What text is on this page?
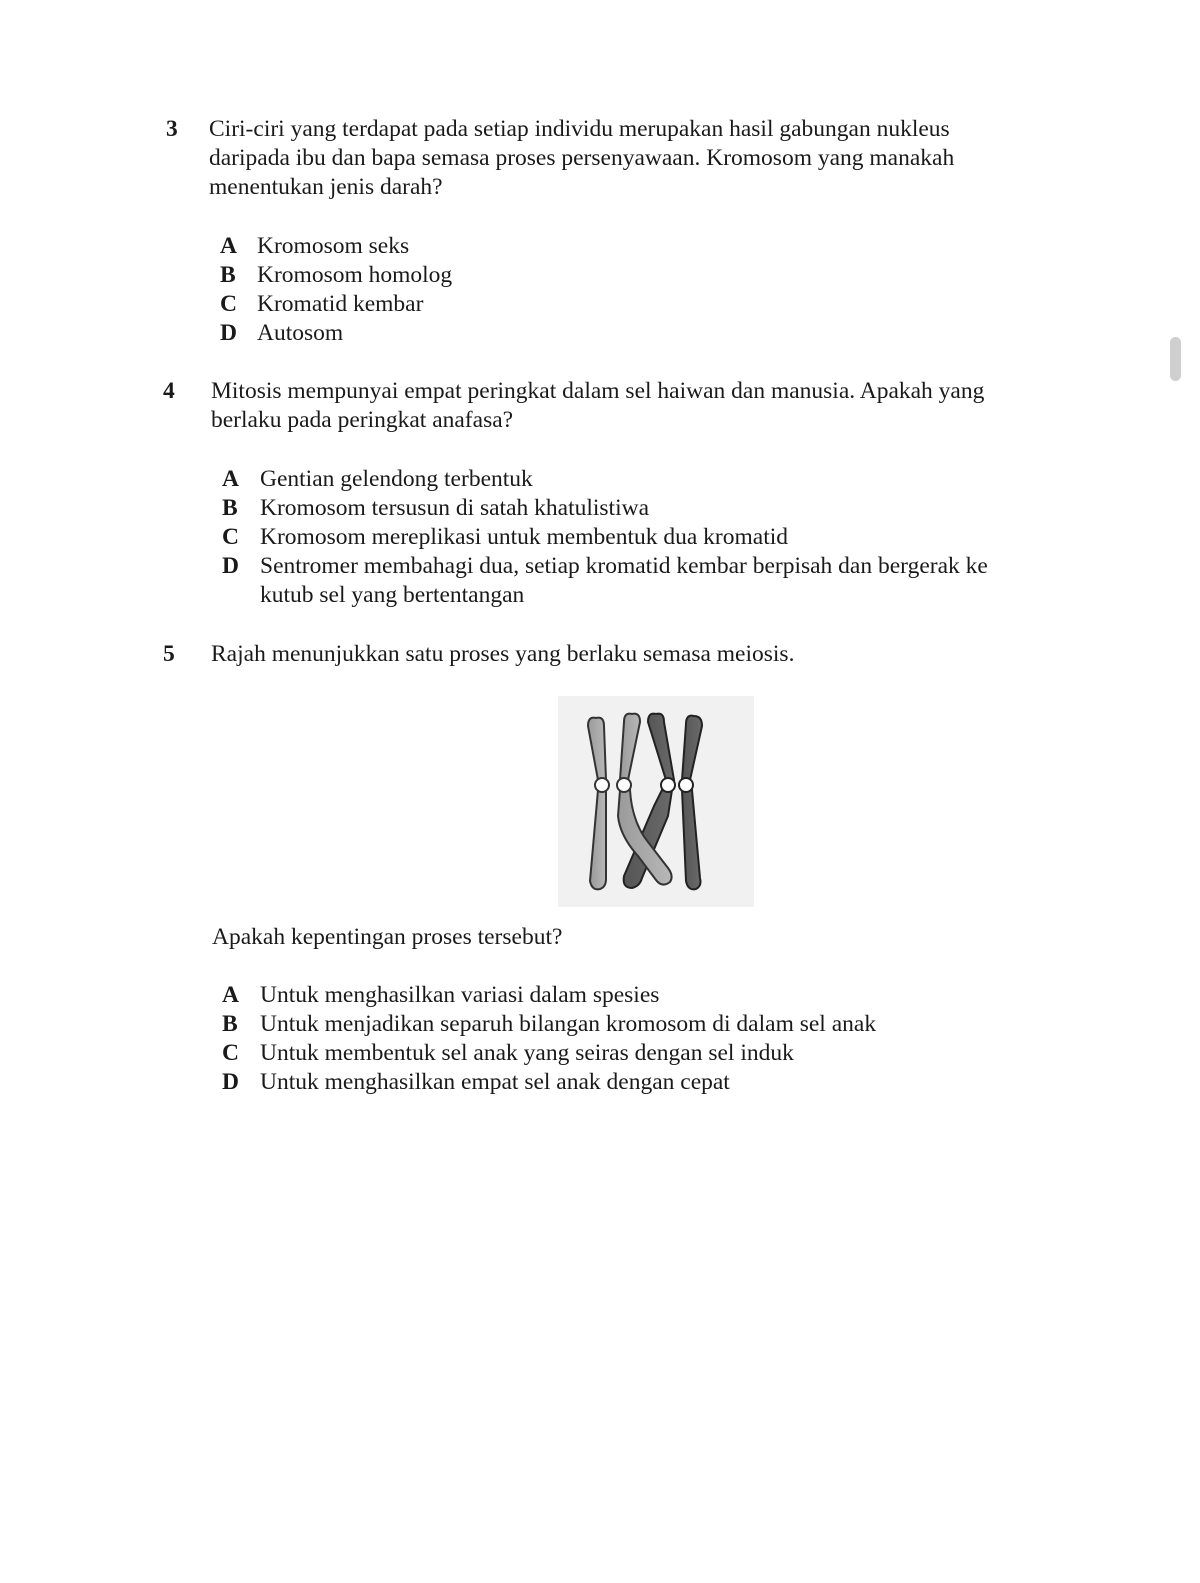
3 Ciri-ciri yang terdapat pada setiap individu merupakan hasil gabungan nukleus
daripada ibu dan bapa semasa proses persenyawaan. Kromosom yang manakah
menentukan jenis darah?
A Kromosom seks
B Kromosom homolog
C Kromatid kembar
D Autosom
4 Mitosis mempunyai empat peringkat dalam sel haiwan dan manusia. Apakah yang
berlaku pada peringkat anafasa?
A Gentian gelendong terbentuk
B Kromosom tersusun di satah khatulistiwa
C Kromosom mereplikasi untuk membentuk dua kromatid
D Sentromer membahagi dua, setiap kromatid kembar berpisah dan bergerak ke
kutub sel yang bertentangan
5 Rajah menunjukkan satu proses yang berlaku semasa meiosis.
Apakah kepentingan proses tersebut?
A Untuk menghasilkan variasi dalam spesies
B Untuk menjadikan separuh bilangan kromosom di dalam sel anak
C Untuk membentuk sel anak yang seiras dengan sel induk
D Untuk menghasilkan empat sel anak dengan cepat
